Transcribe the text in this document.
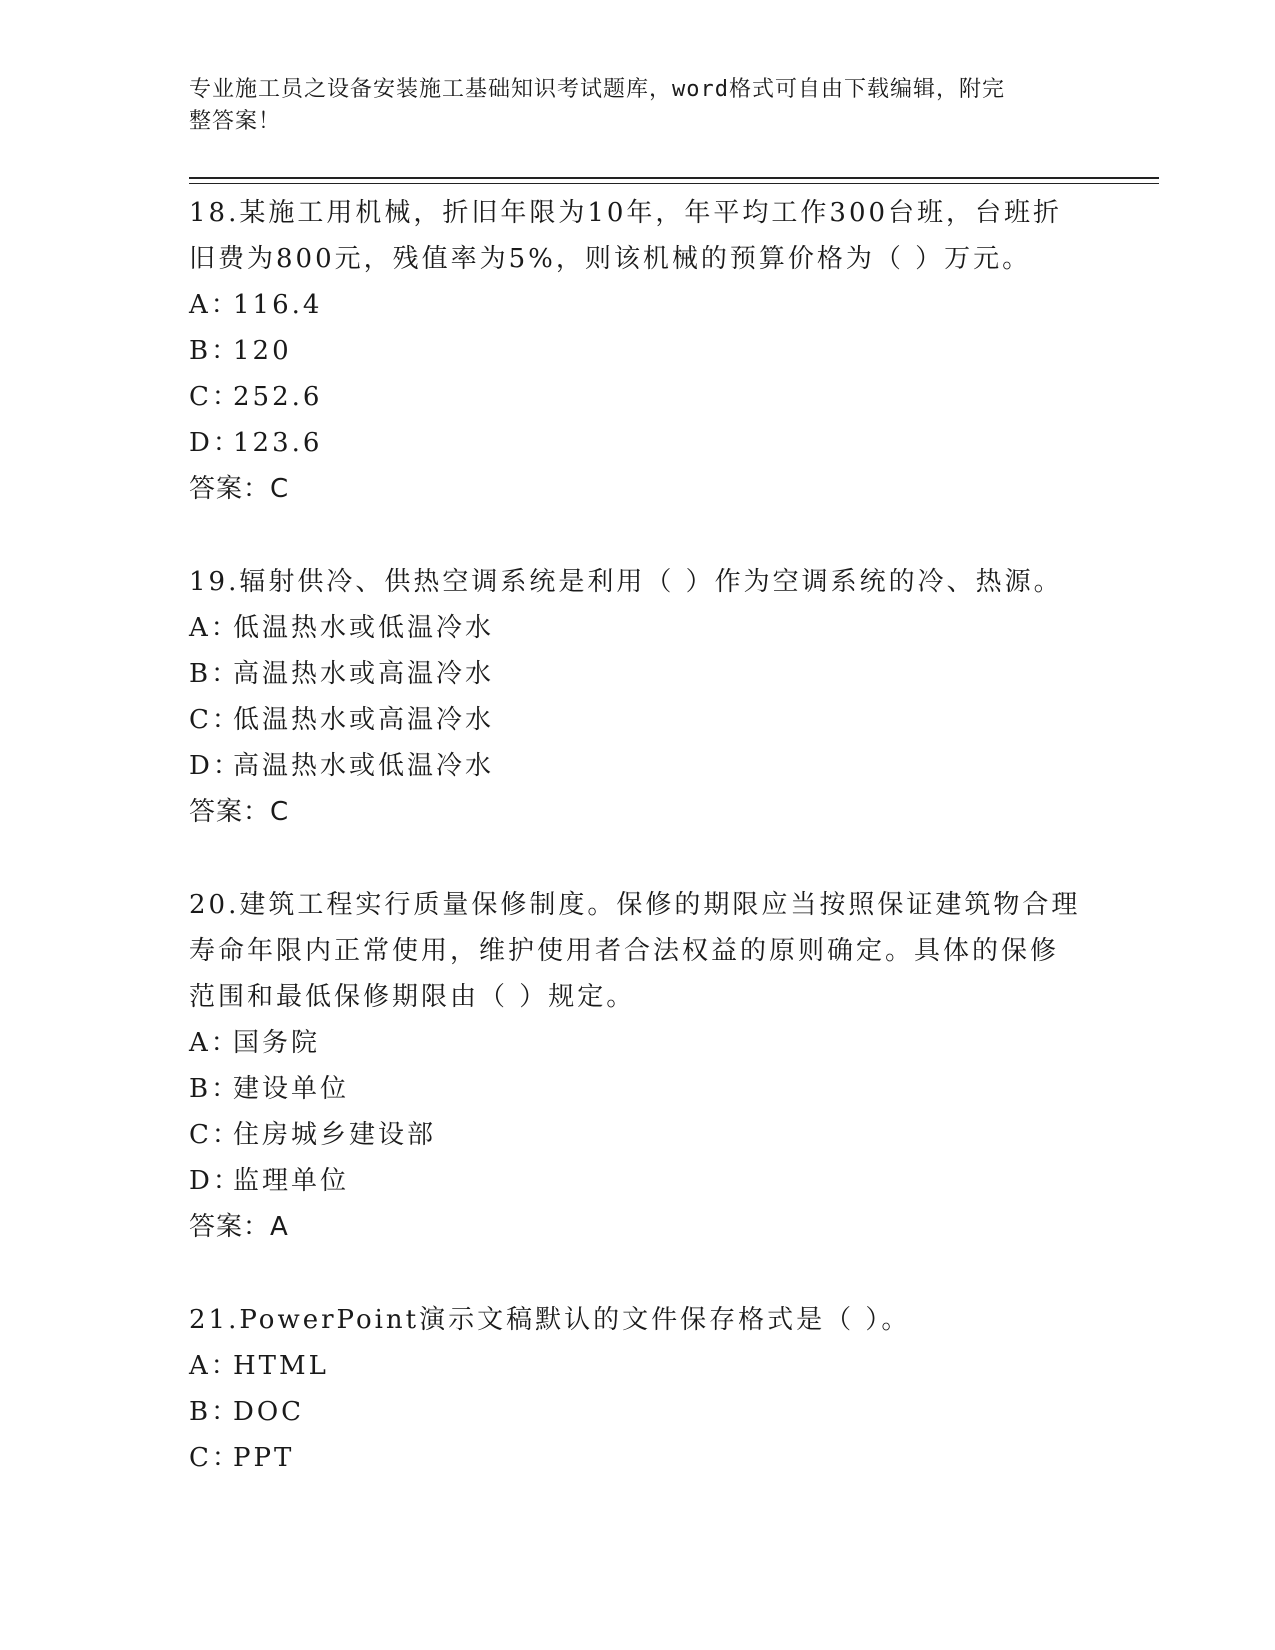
专业施工员之设备安装施工基础知识考试题库，word格式可自由下载编辑，附完
整答案！

18.某施工用机械，折旧年限为10年，年平均工作300台班，台班折

旧费为800元，残值率为5%，则该机械的预算价格为（ ）万元。

A：116.4

B：120

C：252.6

D：123.6

答案：C

19.辐射供冷、供热空调系统是利用（ ）作为空调系统的冷、热源。

A：低温热水或低温冷水

B：高温热水或高温冷水

C：低温热水或高温冷水

D：高温热水或低温冷水

答案：C

20.建筑工程实行质量保修制度。保修的期限应当按照保证建筑物合理

寿命年限内正常使用，维护使用者合法权益的原则确定。具体的保修

范围和最低保修期限由（ ）规定。

A：国务院

B：建设单位

C：住房城乡建设部

D：监理单位

答案：A

21.PowerPoint演示文稿默认的文件保存格式是（ ）。

A：HTML

B：DOC

C：PPT
